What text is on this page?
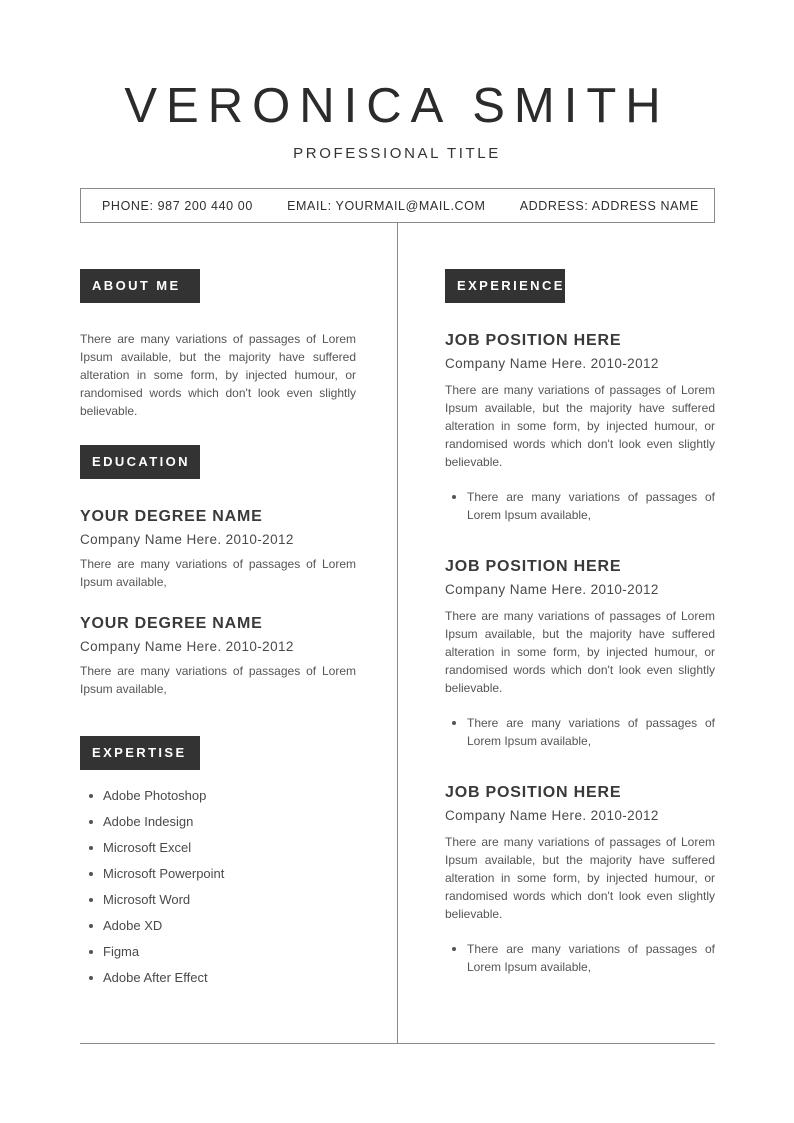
VERONICA SMITH
PROFESSIONAL TITLE
PHONE: 987 200 440 00	EMAIL: YOURMAIL@MAIL.COM	ADDRESS: ADDRESS NAME
ABOUT ME

There are many variations of passages of Lorem Ipsum available, but the majority have suffered alteration in some form, by injected humour, or randomised words which don't look even slightly believable.

EDUCATION
YOUR DEGREE NAME
Company Name Here. 2010-2012

There are many variations of passages of Lorem Ipsum available,

YOUR DEGREE NAME
Company Name Here. 2010-2012

There are many variations of passages of Lorem Ipsum available,

EXPERTISE
Adobe Photoshop
Adobe Indesign
Microsoft Excel
Microsoft Powerpoint
Microsoft Word
Adobe XD
Figma
Adobe After Effect
EXPERIENCE
JOB POSITION HERE
Company Name Here. 2010-2012

There are many variations of passages of Lorem Ipsum available, but the majority have suffered alteration in some form, by injected humour, or randomised words which don't look even slightly believable.

There are many variations of passages of Lorem Ipsum available,
JOB POSITION HERE
Company Name Here. 2010-2012

There are many variations of passages of Lorem Ipsum available, but the majority have suffered alteration in some form, by injected humour, or randomised words which don't look even slightly believable.

There are many variations of passages of Lorem Ipsum available,
JOB POSITION HERE
Company Name Here. 2010-2012

There are many variations of passages of Lorem Ipsum available, but the majority have suffered alteration in some form, by injected humour, or randomised words which don't look even slightly believable.

There are many variations of passages of Lorem Ipsum available,
